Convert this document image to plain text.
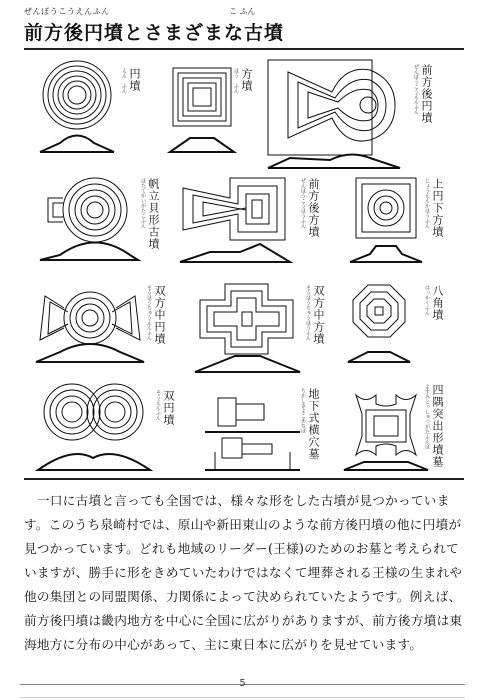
ぜんぽうこうえんふん	こ ふん
前方後円墳とさまざまな古墳
円墳
えん　ふん	方墳
ほう　ふん	前方後円墳
ぜんぽうこうえんふん
帆立貝形古墳
ほたてがいがたこふん	前方後方墳
ぜんぽうこうほうふん	上円下方墳
じょうえんかほうふん
双方中円墳
そうほうちゅうえんふん	双方中方墳
そうほうちゅうほうふん	八角墳
はっかくふん
双円墳
そうえんふん	地下式横穴墓
ちかしきよこあなぼ	四隅突出形墳墓
よすみとっしゅつがたふんぼ

一口に古墳と言っても全国では、様々な形をした古墳が見つかっています。このうち泉崎村では、原山や新田東山のような前方後円墳の他に円墳が見つかっています。どれも地域のリーダー(王様)のためのお墓と考えられていますが、勝手に形をきめていたわけではなくて埋葬される王様の生まれや他の集団との同盟関係、力関係によって決められていたようです。例えば、前方後円墳は畿内地方を中心に全国に広がりがありますが、前方後方墳は東海地方に分布の中心があって、主に東日本に広がりを見せています。

5
